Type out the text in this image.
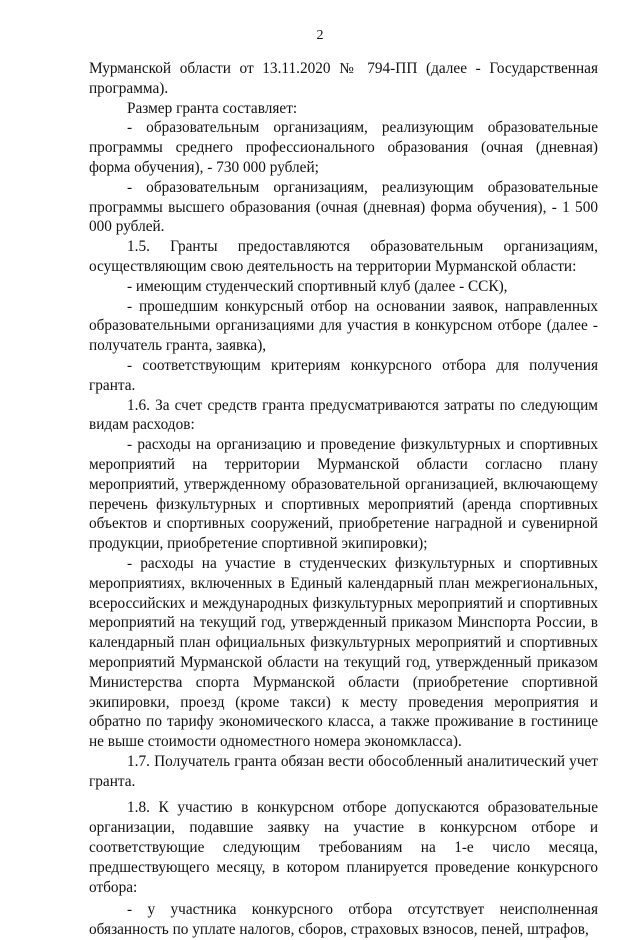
2

Мурманской области от 13.11.2020 № 794-ПП (далее - Государственная программа).

Размер гранта составляет:

- образовательным организациям, реализующим образовательные программы среднего профессионального образования (очная (дневная) форма обучения), - 730 000 рублей;

- образовательным организациям, реализующим образовательные программы высшего образования (очная (дневная) форма обучения), - 1 500 000 рублей.

1.5. Гранты предоставляются образовательным организациям, осуществляющим свою деятельность на территории Мурманской области:

- имеющим студенческий спортивный клуб (далее - ССК),

- прошедшим конкурсный отбор на основании заявок, направленных образовательными организациями для участия в конкурсном отборе (далее - получатель гранта, заявка),

- соответствующим критериям конкурсного отбора для получения гранта.

1.6. За счет средств гранта предусматриваются затраты по следующим видам расходов:

- расходы на организацию и проведение физкультурных и спортивных мероприятий на территории Мурманской области согласно плану мероприятий, утвержденному образовательной организацией, включающему перечень физкультурных и спортивных мероприятий (аренда спортивных объектов и спортивных сооружений, приобретение наградной и сувенирной продукции, приобретение спортивной экипировки);

- расходы на участие в студенческих физкультурных и спортивных мероприятиях, включенных в Единый календарный план межрегиональных, всероссийских и международных физкультурных мероприятий и спортивных мероприятий на текущий год, утвержденный приказом Минспорта России, в календарный план официальных физкультурных мероприятий и спортивных мероприятий Мурманской области на текущий год, утвержденный приказом Министерства спорта Мурманской области (приобретение спортивной экипировки, проезд (кроме такси) к месту проведения мероприятия и обратно по тарифу экономического класса, а также проживание в гостинице не выше стоимости одноместного номера экономкласса).

1.7. Получатель гранта обязан вести обособленный аналитический учет гранта.

1.8. К участию в конкурсном отборе допускаются образовательные организации, подавшие заявку на участие в конкурсном отборе и соответствующие следующим требованиям на 1-е число месяца, предшествующего месяцу, в котором планируется проведение конкурсного отбора:

- у участника конкурсного отбора отсутствует неисполненная обязанность по уплате налогов, сборов, страховых взносов, пеней, штрафов,
